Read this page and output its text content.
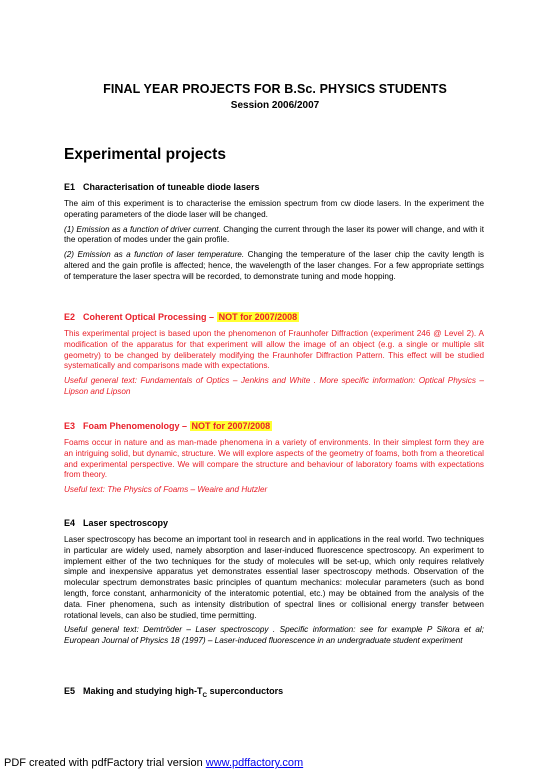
FINAL YEAR PROJECTS FOR B.Sc. PHYSICS STUDENTS
Session 2006/2007
Experimental projects
E1 Characterisation of tuneable diode lasers

The aim of this experiment is to characterise the emission spectrum from cw diode lasers. In the experiment the operating parameters of the diode laser will be changed.

(1) Emission as a function of driver current. Changing the current through the laser its power will change, and with it the operation of modes under the gain profile.

(2) Emission as a function of laser temperature. Changing the temperature of the laser chip the cavity length is altered and the gain profile is affected; hence, the wavelength of the laser changes. For a few appropriate settings of temperature the laser spectra will be recorded, to demonstrate tuning and mode hopping.

E2 Coherent Optical Processing – NOT for 2007/2008

This experimental project is based upon the phenomenon of Fraunhofer Diffraction (experiment 246 @ Level 2). A modification of the apparatus for that experiment will allow the image of an object (e.g. a single or multiple slit geometry) to be changed by deliberately modifying the Fraunhofer Diffraction Pattern. This effect will be studied systematically and comparisons made with expectations.

Useful general text: Fundamentals of Optics – Jenkins and White . More specific information: Optical Physics – Lipson and Lipson

E3 Foam Phenomenology – NOT for 2007/2008

Foams occur in nature and as man-made phenomena in a variety of environments. In their simplest form they are an intriguing solid, but dynamic, structure. We will explore aspects of the geometry of foams, both from a theoretical and experimental perspective. We will compare the structure and behaviour of laboratory foams with expectations from theory.

Useful text: The Physics of Foams – Weaire and Hutzler

E4 Laser spectroscopy

Laser spectroscopy has become an important tool in research and in applications in the real world. Two techniques in particular are widely used, namely absorption and laser-induced fluorescence spectroscopy. An experiment to implement either of the two techniques for the study of molecules will be set-up, which only requires relatively simple and inexpensive apparatus yet demonstrates essential laser spectroscopy methods. Observation of the molecular spectrum demonstrates basic principles of quantum mechanics: molecular parameters (such as bond length, force constant, anharmonicity of the interatomic potential, etc.) may be obtained from the analysis of the data. Finer phenomena, such as intensity distribution of spectral lines or collisional energy transfer between rotational levels, can also be studied, time permitting.

Useful general text: Demtröder – Laser spectroscopy . Specific information: see for example P Sikora et al; European Journal of Physics 18 (1997) – Laser-induced fluorescence in an undergraduate student experiment

E5 Making and studying high-$T_C$ superconductors
PDF created with pdfFactory trial version www.pdffactory.com
